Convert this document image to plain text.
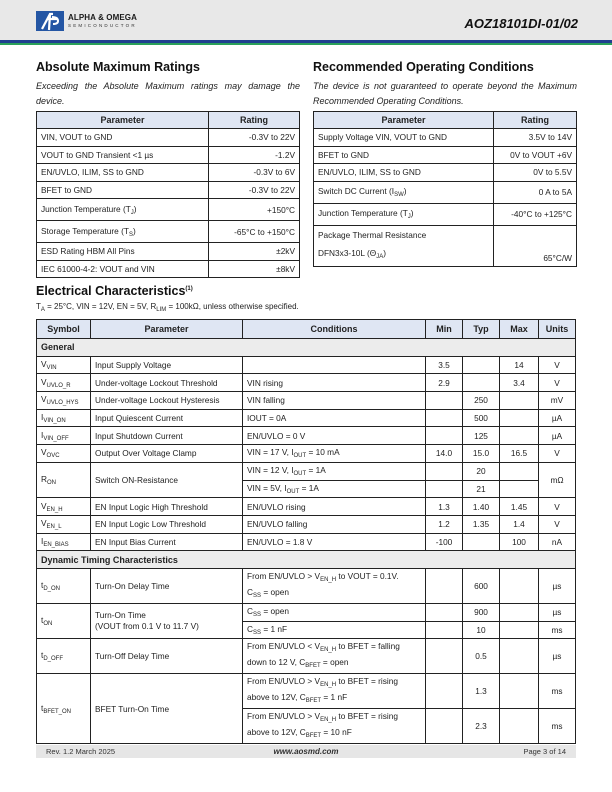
ALPHA & OMEGA
SEMICONDUCTOR	AOZ18101DI-01/02
Absolute Maximum Ratings
Exceeding the Absolute Maximum ratings may damage the device.
Parameter	Rating
VIN, VOUT to GND	-0.3V to 22V
VOUT to GND Transient <1 µs	-1.2V
EN/UVLO, ILIM, SS to GND	-0.3V to 6V
BFET to GND	-0.3V to 22V
Junction Temperature $(T_J)$	+150°C
Storage Temperature $(T_S)$	-65°C to +150°C
ESD Rating HBM All Pins	±2kV
IEC 61000-4-2: VOUT and VIN	±8kV
Recommended Operating Conditions
The device is not guaranteed to operate beyond the Maximum Recommended Operating Conditions.
Parameter	Rating
Supply Voltage VIN, VOUT to GND	3.5V to 14V
BFET to GND	0V to VOUT +6V
EN/UVLO, ILIM, SS to GND	0V to 5.5V
Switch DC Current $(I_{SW})$	0 A to 5A
Junction Temperature $(T_J)$	-40°C to +125°C
Package Thermal Resistance
DFN3x3-10L $(\Theta_{JA})$	65°C/W
Electrical Characteristics$^{(1)}$
$T_A = 25^\circ C$, VIN = 12V, EN = 5V, $R_{LIM} = 100k\Omega$, unless otherwise specified.
Symbol	Parameter	Conditions	Min	Typ	Max	Units
General						
$V_{VIN}$	Input Supply Voltage		3.5		14	V
$V_{UVLO\_R}$	Under-voltage Lockout Threshold	VIN rising	2.9		3.4	V
$V_{UVLO\_HYS}$	Under-voltage Lockout Hysteresis	VIN falling		250		mV
$I_{VIN\_ON}$	Input Quiescent Current	IOUT = 0A		500		µA
$I_{VIN\_OFF}$	Input Shutdown Current	EN/UVLO = 0 V		125		µA
$V_{OVC}$	Output Over Voltage Clamp	VIN = 17 V, $I_{OUT} = 10$ mA	14.0	15.0	16.5	V
$R_{ON}$	Switch ON-Resistance	VIN = 12 V, $I_{OUT} = 1A$		20		mΩ
		VIN = 5V, $I_{OUT} = 1A$		21		
$V_{EN\_H}$	EN Input Logic High Threshold	EN/UVLO rising	1.3	1.40	1.45	V
$V_{EN\_L}$	EN Input Logic Low Threshold	EN/UVLO falling	1.2	1.35	1.4	V
$I_{EN\_BIAS}$	EN Input Bias Current	EN/UVLO = 1.8 V	-100		100	nA
Dynamic Timing Characteristics						
$t_{D\_ON}$	Turn-On Delay Time	From EN/UVLO > $V_{EN\_H}$ to VOUT = 0.1V.
$C_{SS}$ = open		600		µs
$t_{ON}$	Turn-On Time
(VOUT from 0.1 V to 11.7 V)	$C_{SS}$ = open		900		µs
		$C_{SS} = 1$ nF		10		ms
$t_{D\_OFF}$	Turn-Off Delay Time	From EN/UVLO < $V_{EN\_H}$ to BFET = falling
down to 12 V, $C_{BFET}$ = open		0.5		µs
$t_{BFET\_ON}$	BFET Turn-On Time	From EN/UVLO > $V_{EN\_H}$ to BFET = rising
above to 12V, $C_{BFET} = 1$ nF		1.3		ms
		From EN/UVLO > $V_{EN\_H}$ to BFET = rising
above to 12V, $C_{BFET} = 10$ nF		2.3		ms
Rev. 1.2 March 2025	www.aosmd.com	Page 3 of 14
